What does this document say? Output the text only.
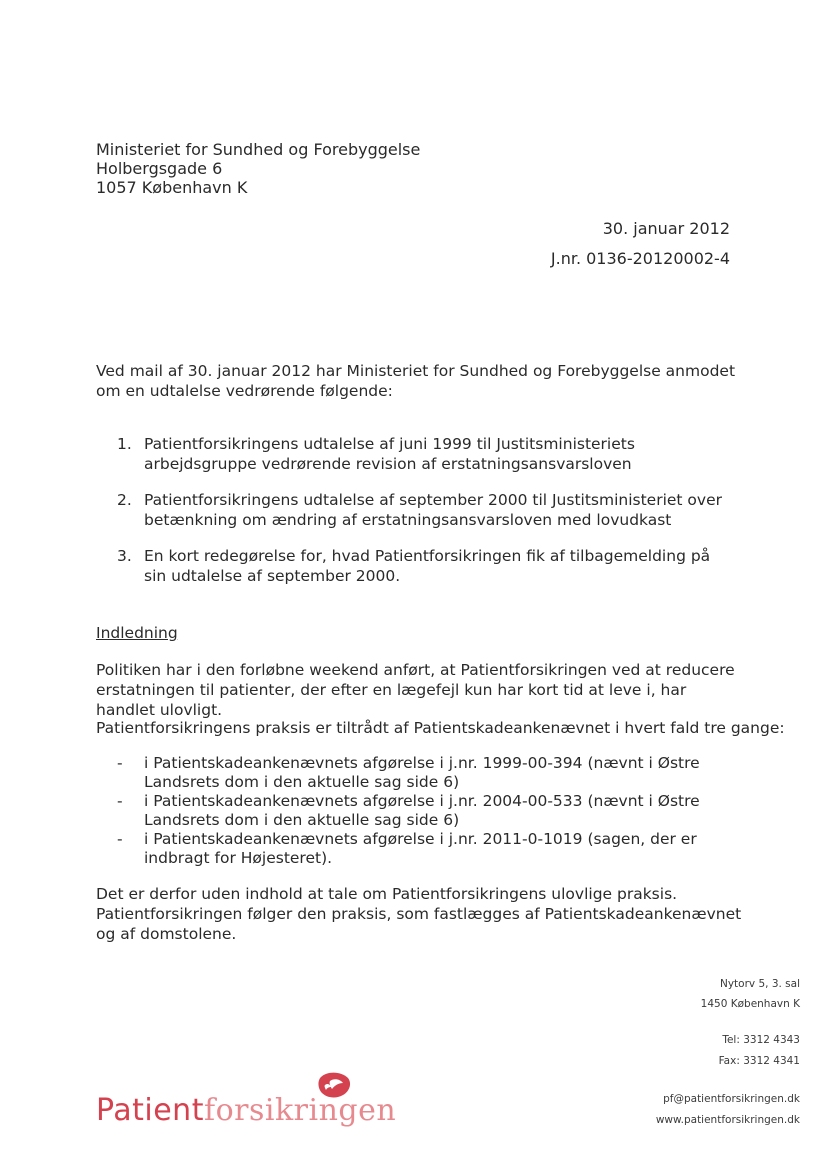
Ministeriet for Sundhed og Forebyggelse
Holbergsgade 6
1057 København K
30. januar 2012
J.nr. 0136-20120002-4
Ved mail af 30. januar 2012 har Ministeriet for Sundhed og Forebyggelse anmodet om en udtalelse vedrørende følgende:
1. Patientforsikringens udtalelse af juni 1999 til Justitsministeriets arbejdsgruppe vedrørende revision af erstatningsansvarsloven
2. Patientforsikringens udtalelse af september 2000 til Justitsministeriet over betænkning om ændring af erstatningsansvarsloven med lovudkast
3. En kort redegørelse for, hvad Patientforsikringen fik af tilbagemelding på sin udtalelse af september 2000.
Indledning
Politiken har i den forløbne weekend anført, at Patientforsikringen ved at reducere erstatningen til patienter, der efter en lægefejl kun har kort tid at leve i, har handlet ulovligt.
Patientforsikringens praksis er tiltrådt af Patientskadeankenævnet i hvert fald tre gange:
- i Patientskadeankenævnets afgørelse i j.nr. 1999-00-394 (nævnt i Østre Landsrets dom i den aktuelle sag side 6)
- i Patientskadeankenævnets afgørelse i j.nr. 2004-00-533 (nævnt i Østre Landsrets dom i den aktuelle sag side 6)
- i Patientskadeankenævnets afgørelse i j.nr. 2011-0-1019 (sagen, der er indbragt for Højesteret).
Det er derfor uden indhold at tale om Patientforsikringens ulovlige praksis. Patientforsikringen følger den praksis, som fastlægges af Patientskadeankenævnet og af domstolene.
Nytorv 5, 3. sal
1450 København K
Tel: 3312 4343
Fax: 3312 4341
pf@patientforsikringen.dk
www.patientforsikringen.dk
Patientforsikringen
